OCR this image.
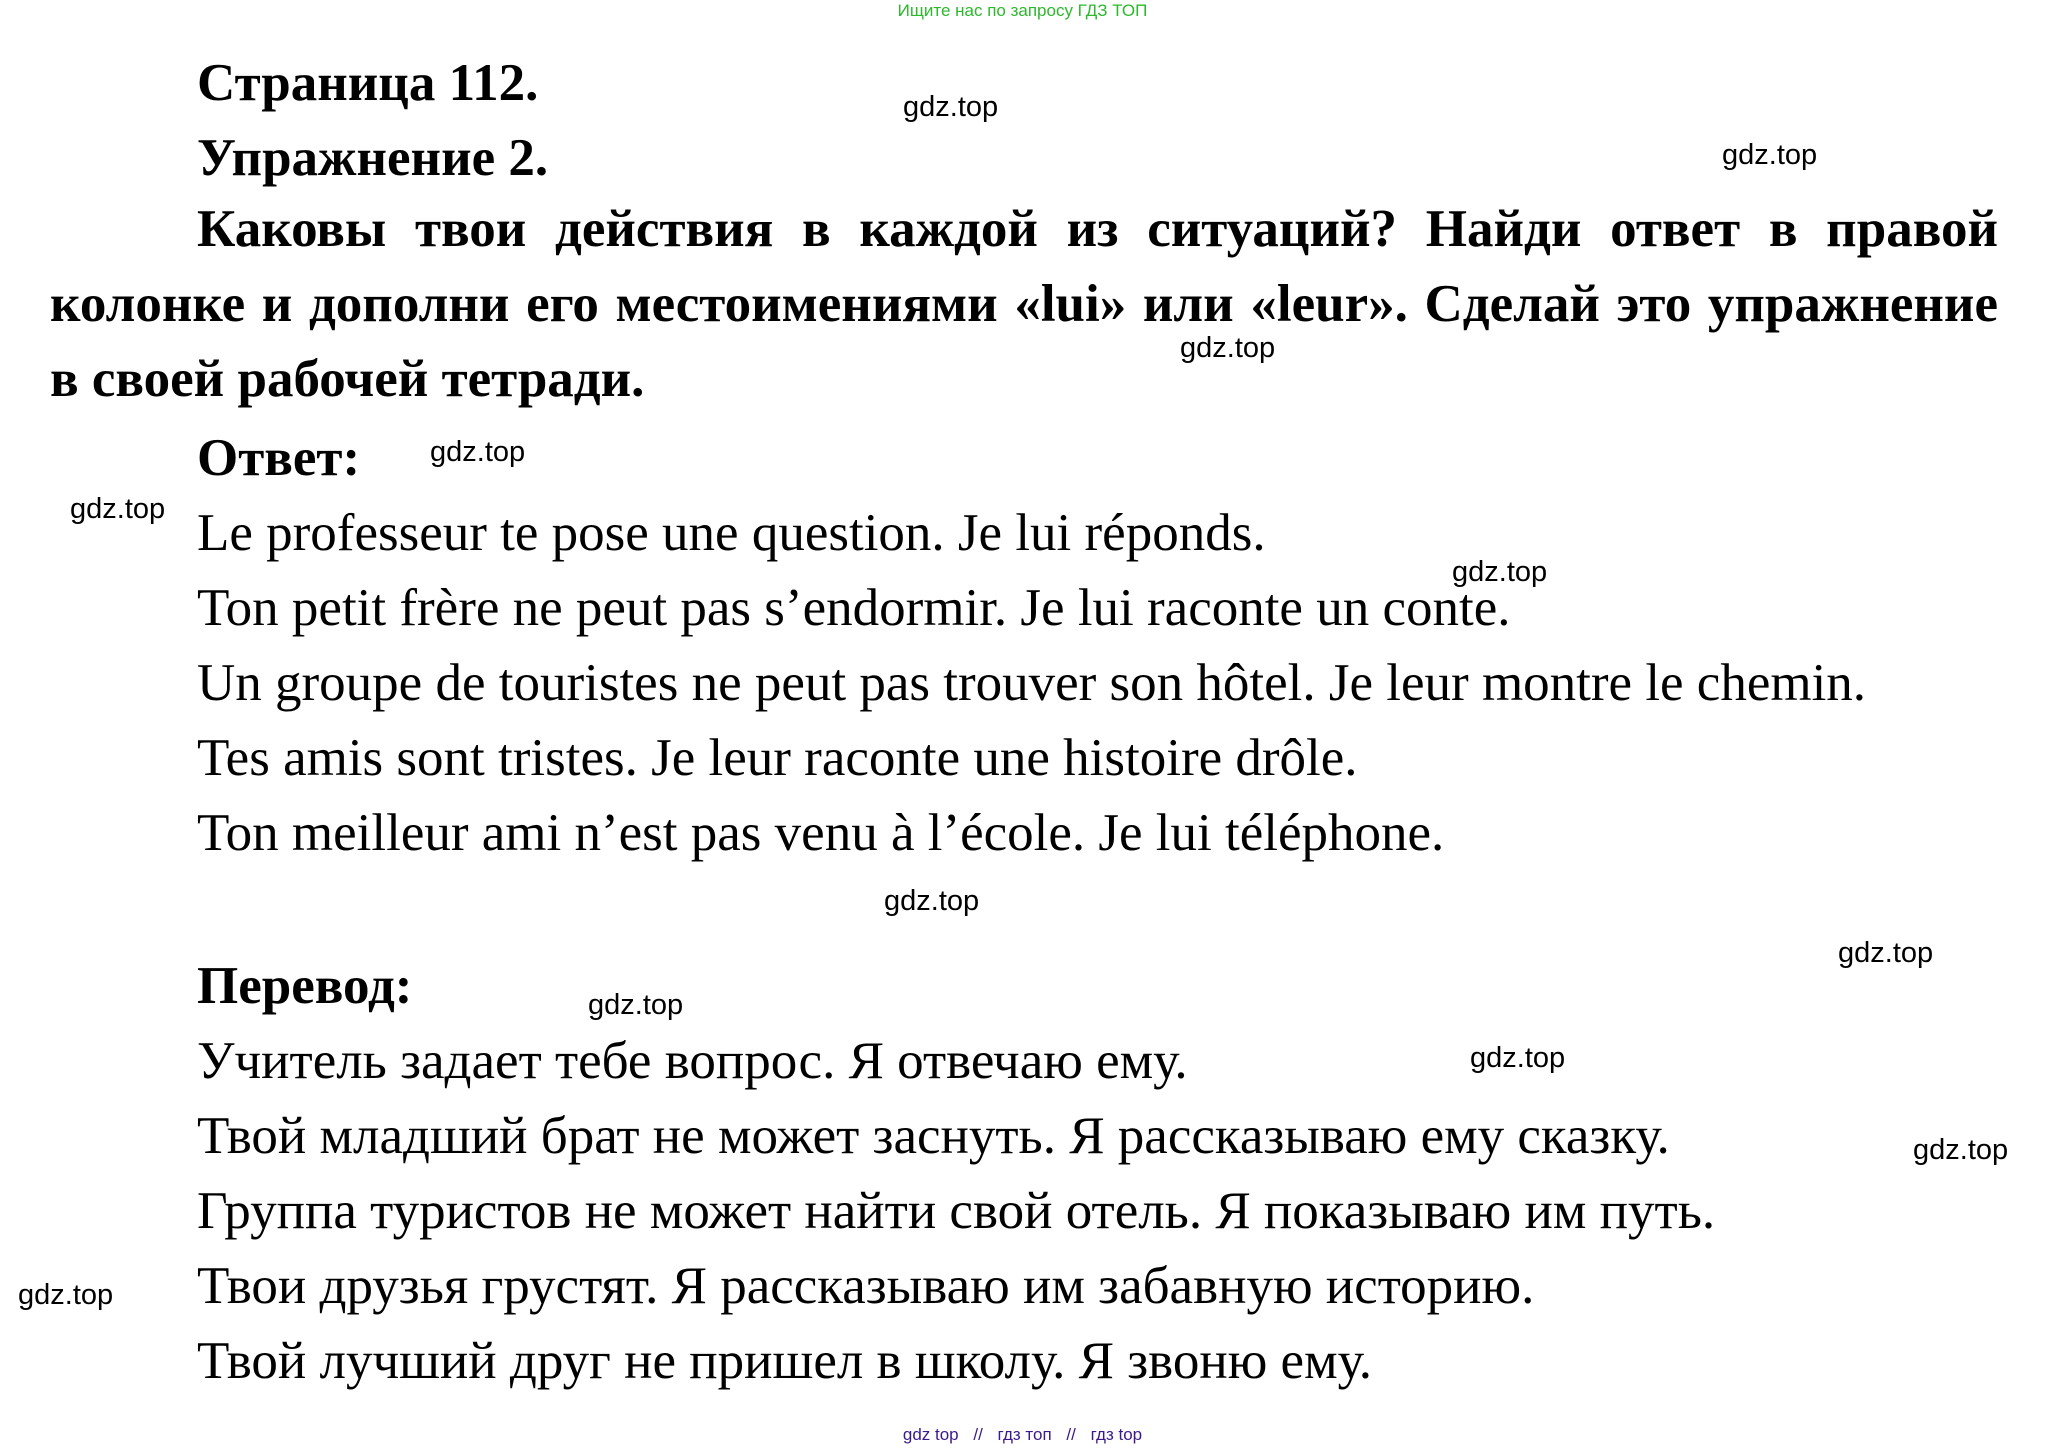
Ищите нас по запросу ГДЗ ТОП
Страница 112.
Упражнение 2.

Каковы твои действия в каждой из ситуаций? Найди ответ в правой колонке и дополни его местоимениями «lui» или «leur». Сделай это упражнение в своей рабочей тетради.

Ответ:
Le professeur te pose une question. Je lui réponds.
Ton petit frère ne peut pas s’endormir. Je lui raconte un conte.
Un groupe de touristes ne peut pas trouver son hôtel. Je leur montre le chemin.
Tes amis sont tristes. Je leur raconte une histoire drôle.
Ton meilleur ami n’est pas venu à l’école. Je lui téléphone.
Перевод:
Учитель задает тебе вопрос. Я отвечаю ему.
Твой младший брат не может заснуть. Я рассказываю ему сказку.
Группа туристов не может найти свой отель. Я показываю им путь.
Твои друзья грустят. Я рассказываю им забавную историю.
Твой лучший друг не пришел в школу. Я звоню ему.
gdz.top
gdz.top
gdz.top
gdz.top
gdz.top
gdz.top
gdz.top
gdz.top
gdz.top
gdz.top
gdz.top
gdz.top
gdz top // гдз топ // гдз top
